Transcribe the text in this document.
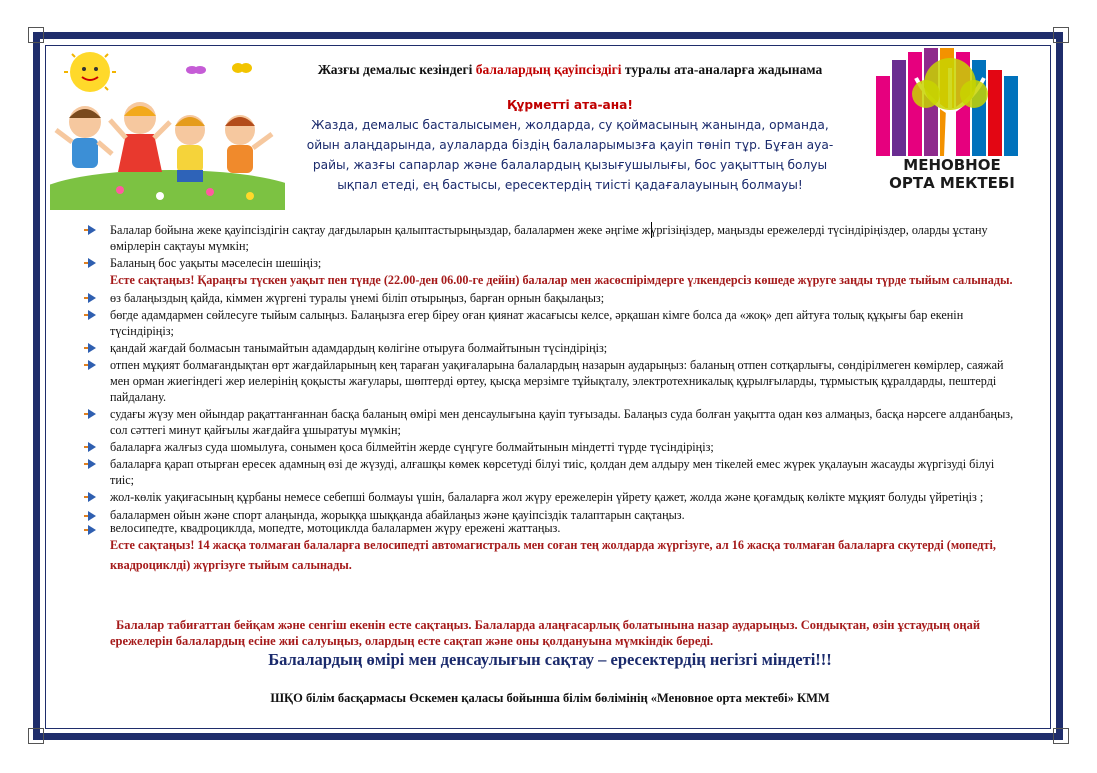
Жазғы демалыс кезіндегі балалардың қауіпсіздігі туралы ата-аналарға жадынама
Құрметті ата-ана!
Жазда, демалыс басталысымен, жолдарда, су қоймасының жанында, орманда, ойын алаңдарында, аулаларда біздің балаларымызға қауіп төніп тұр. Бұған ауа-райы, жазғы сапарлар және балалардың қызығушылығы, бос уақыттың болуы ықпал етеді, ең бастысы, ересектердің тиісті қадағалауының болмауы!
МЕНОВНОЕ
ОРТА МЕКТЕБІ
Балалар бойына жеке қауіпсіздігін сақтау дағдыларын қалыптастырыңыздар, балалармен жеке әңгіме жүргізіңіздер, маңызды ережелерді түсіндіріңіздер, оларды ұстану өмірлерін сақтауы мүмкін;
Баланың бос уақыты мәселесін шешіңіз;
Есте сақтаңыз! Қараңғы түскен уақыт пен түнде (22.00-ден 06.00-ге дейін) балалар мен жасөспірімдерге үлкендерсіз көшеде жүруге заңды түрде тыйым салынады.
өз балаңыздың қайда, кіммен жүргені туралы үнемі біліп отырыңыз, барған орнын бақылаңыз;
бөгде адамдармен сөйлесуге тыйым салыңыз. Балаңызға егер біреу оған қиянат жасағысы келсе, әрқашан кімге болса да «жоқ» деп айтуға толық құқығы бар екенін түсіндіріңіз;
қандай жағдай болмасын танымайтын адамдардың көлігіне отыруға болмайтынын түсіндіріңіз;
отпен мұқият болмағандықтан өрт жағдайларының кең тараған уақиғаларына балалардың назарын аударыңыз: баланың отпен сотқарлығы, сөндірілмеген көмірлер, саяжай мен орман жиегіндегі жер иелерінің қоқысты жағулары, шөптерді өртеу, қысқа мерзімге тұйықталу, электротехникалық құрылғыларды, тұрмыстық құралдарды, пештерді пайдалану.
судағы жүзу мен ойындар рақаттанғаннан басқа баланың өмірі мен денсаулығына қауіп туғызады. Балаңыз суда болған уақытта одан көз алмаңыз, басқа нәрсеге алданбаңыз, сол сәттегі минут қайғылы жағдайға ұшыратуы мүмкін;
балаларға жалғыз суда шомылуға, сонымен қоса білмейтін жерде сүңгуге болмайтынын міндетті түрде түсіндіріңіз;
балаларға қарап отырған ересек адамның өзі де жүзуді, алғашқы көмек көрсетуді білуі тиіс, қолдан дем алдыру мен тікелей емес жүрек уқалауын жасауды жүргізуді білуі тиіс;
жол-көлік уақиғасының құрбаны немесе себепші болмауы үшін, балаларға жол жүру ережелерін үйрету қажет, жолда және қоғамдық көлікте мұқият болуды үйретіңіз ;
балалармен ойын және спорт алаңында, жорыққа шыққанда абайлаңыз және қауіпсіздік талаптарын сақтаңыз.
велосипедте, квадроциклда, мопедте, мотоциклда балалармен жүру ережені жаттаңыз.
Есте сақтаңыз! 14 жасқа толмаған балаларға велосипедті автомагистраль мен соған тең жолдарда жүргізуге, ал 16 жасқа толмаған балаларға скутерді (мопедті, квадроциклді) жүргізуге тыйым салынады.
Балалар табиғаттан бейқам және сенгіш екенін есте сақтаңыз. Балаларда алаңғасарлық болатынына назар аударыңыз. Сондықтан, өзін ұстаудың оңай ережелерін балалардың есіне жиі салуыңыз, олардың есте сақтап және оны қолдануына мүмкіндік береді.
Балалардың өмірі мен денсаулығын сақтау – ересектердің негізгі міндеті!!!
ШҚО білім басқармасы Өскемен қаласы бойынша білім бөлімінің «Меновное орта мектебі» КММ
